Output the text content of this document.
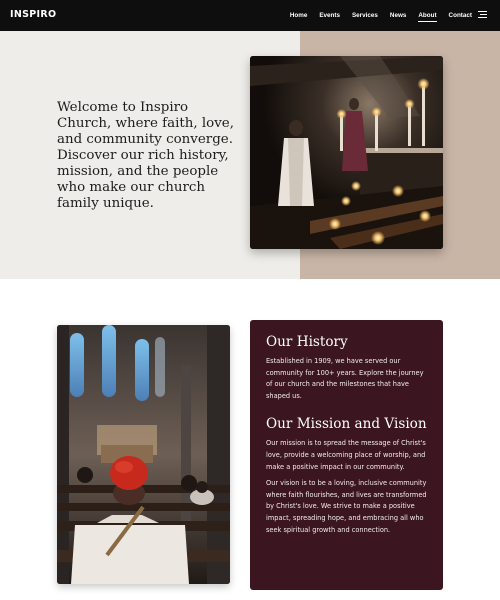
INSPIRO	Home Events Services News About Contact

Welcome to Inspiro Church, where faith, love, and community converge. Discover our rich history, mission, and the people who make our church family unique.

Our History

Established in 1909, we have served our community for 100+ years. Explore the journey of our church and the milestones that have shaped us.

Our Mission and Vision

Our mission is to spread the message of Christ's love, provide a welcoming place of worship, and make a positive impact in our community.

Our vision is to be a loving, inclusive community where faith flourishes, and lives are transformed by Christ's love. We strive to make a positive impact, spreading hope, and embracing all who seek spiritual growth and connection.
